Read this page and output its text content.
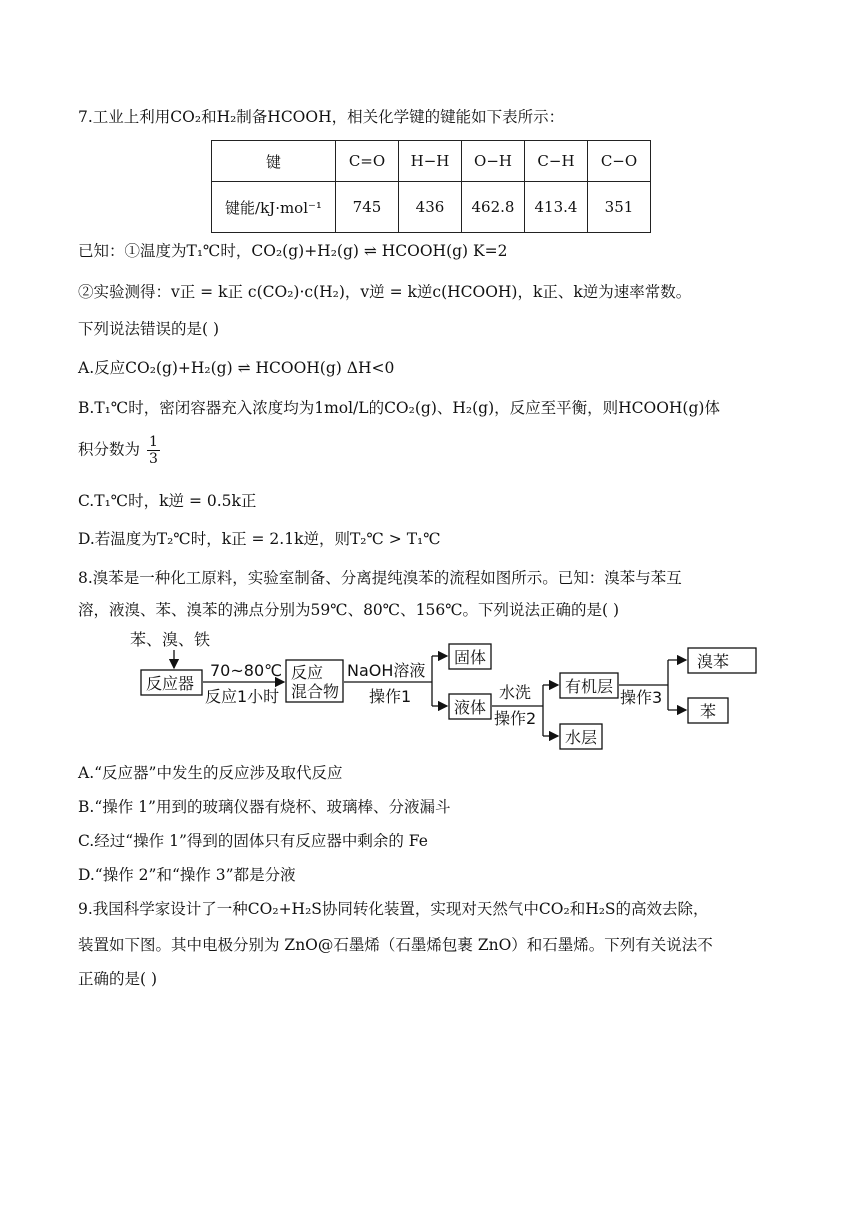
7.工业上利用CO₂和H₂制备HCOOH，相关化学键的键能如下表所示：
键	C=O	H−H	O−H	C−H	C−O
键能/kJ·mol⁻¹	745	436	462.8	413.4	351
已知：①温度为T₁℃时，CO₂(g)+H₂(g) ⇌ HCOOH(g) K=2
②实验测得：v正 = k正 c(CO₂)·c(H₂)，v逆 = k逆c(HCOOH)，k正、k逆为速率常数。
下列说法错误的是( )
A.反应CO₂(g)+H₂(g) ⇌ HCOOH(g) ΔH<0
B.T₁℃时，密闭容器充入浓度均为1mol/L的CO₂(g)、H₂(g)，反应至平衡，则HCOOH(g)体
积分数为 $\frac{1}{3}$
C.T₁℃时，k逆 = 0.5k正
D.若温度为T₂℃时，k正 = 2.1k逆，则T₂℃ > T₁℃
8.溴苯是一种化工原料，实验室制备、分离提纯溴苯的流程如图所示。已知：溴苯与苯互
溶，液溴、苯、溴苯的沸点分别为59℃、80℃、156℃。下列说法正确的是( )
苯、溴、铁
反应器
70~80℃
反应1小时
反应
混合物
NaOH溶液
操作1
固体
液体
水洗
操作2
有机层
水层
操作3
溴苯
苯
A.“反应器”中发生的反应涉及取代反应
B.“操作 1”用到的玻璃仪器有烧杯、玻璃棒、分液漏斗
C.经过“操作 1”得到的固体只有反应器中剩余的 Fe
D.“操作 2”和“操作 3”都是分液
9.我国科学家设计了一种CO₂+H₂S协同转化装置，实现对天然气中CO₂和H₂S的高效去除，
装置如下图。其中电极分别为 ZnO@石墨烯（石墨烯包裹 ZnO）和石墨烯。下列有关说法不
正确的是( )
